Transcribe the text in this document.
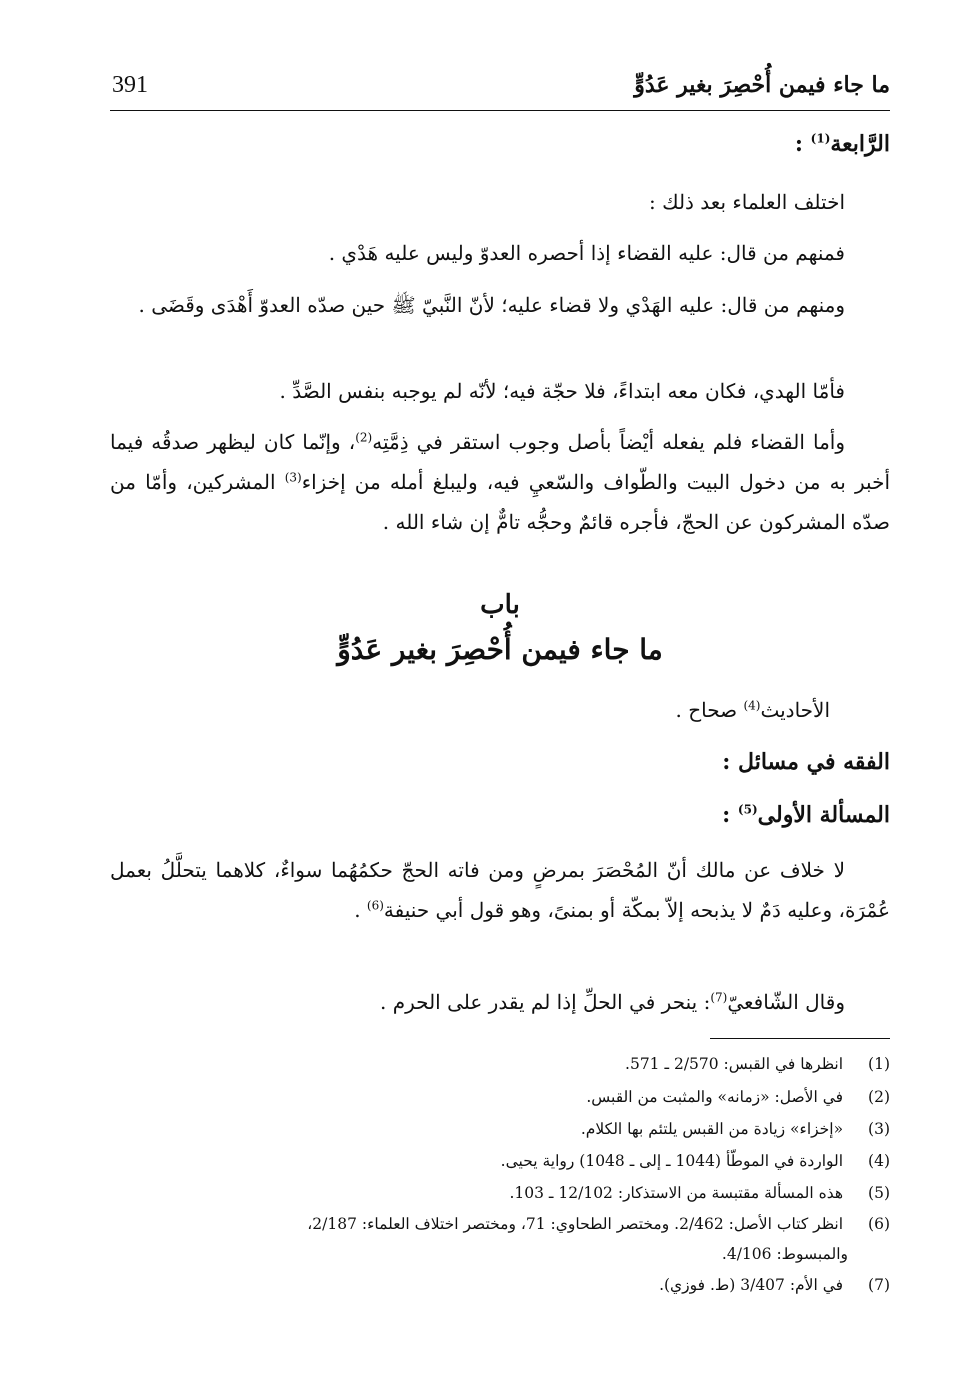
391	ما جاء فيمن أُحْصِرَ بغير عَدُوٍّ

الرَّابعة$^{(1)}$ :

اختلف العلماء بعد ذلك :

فمنهم من قال: عليه القضاء إذا أحصره العدوّ وليس عليه هَدْي .

ومنهم من قال: عليه الهَدْي ولا قضاء عليه؛ لأنّ النَّبيّ ﷺ حين صدّه العدوّ أَهْدَى وقَضَى .

فأمّا الهدي، فكان معه ابتداءً، فلا حجّة فيه؛ لأنّه لم يوجبه بنفس الصَّدِّ .

وأما القضاء فلم يفعله أيْضاً بأصل وجوب استقر في ذِمَّتِه$^{(2)}$، وإنّما كان ليظهر صدقُه فيما أخبر به من دخول البيت والطّواف والسّعيِ فيه، وليبلغ أمله من إخزاء$^{(3)}$ المشركين، وأمّا من صدّه المشركون عن الحجّ، فأجره قائمٌ وحجُّه تامٌّ إن شاء الله .

باب
ما جاء فيمن أُحْصِرَ بغير عَدُوٍّ

الأحاديث$^{(4)}$ صحاح .

الفقه في مسائل :

المسألة الأولى$^{(5)}$ :

لا خلاف عن مالك أنّ المُحْصَرَ بمرضٍ ومن فاته الحجّ حكمُهُما سواءٌ، كلاهما يتحلَّلُ بعمل عُمْرَة، وعليه دَمٌ لا يذبحه إلاّ بمكّة أو بمنىً، وهو قول أبي حنيفة$^{(6)}$ .

وقال الشّافعيّ$^{(7)}$: ينحر في الحلِّ إذا لم يقدر على الحرم .

(1) انظرها في القبس: 2/570 ـ 571.

(2) في الأصل: «زمانه» والمثبت من القبس.

(3) «إخزاء» زيادة من القبس يلتئم بها الكلام.

(4) الواردة في الموطّأ (1044 ـ إلى ـ 1048) رواية يحيى.

(5) هذه المسألة مقتبسة من الاستذكار: 12/102 ـ 103.

(6) انظر كتاب الأصل: 2/462. ومختصر الطحاوي: 71، ومختصر اختلاف العلماء: 2/187،

والمبسوط: 4/106.

(7) في الأم: 3/407 (ط. فوزي).
